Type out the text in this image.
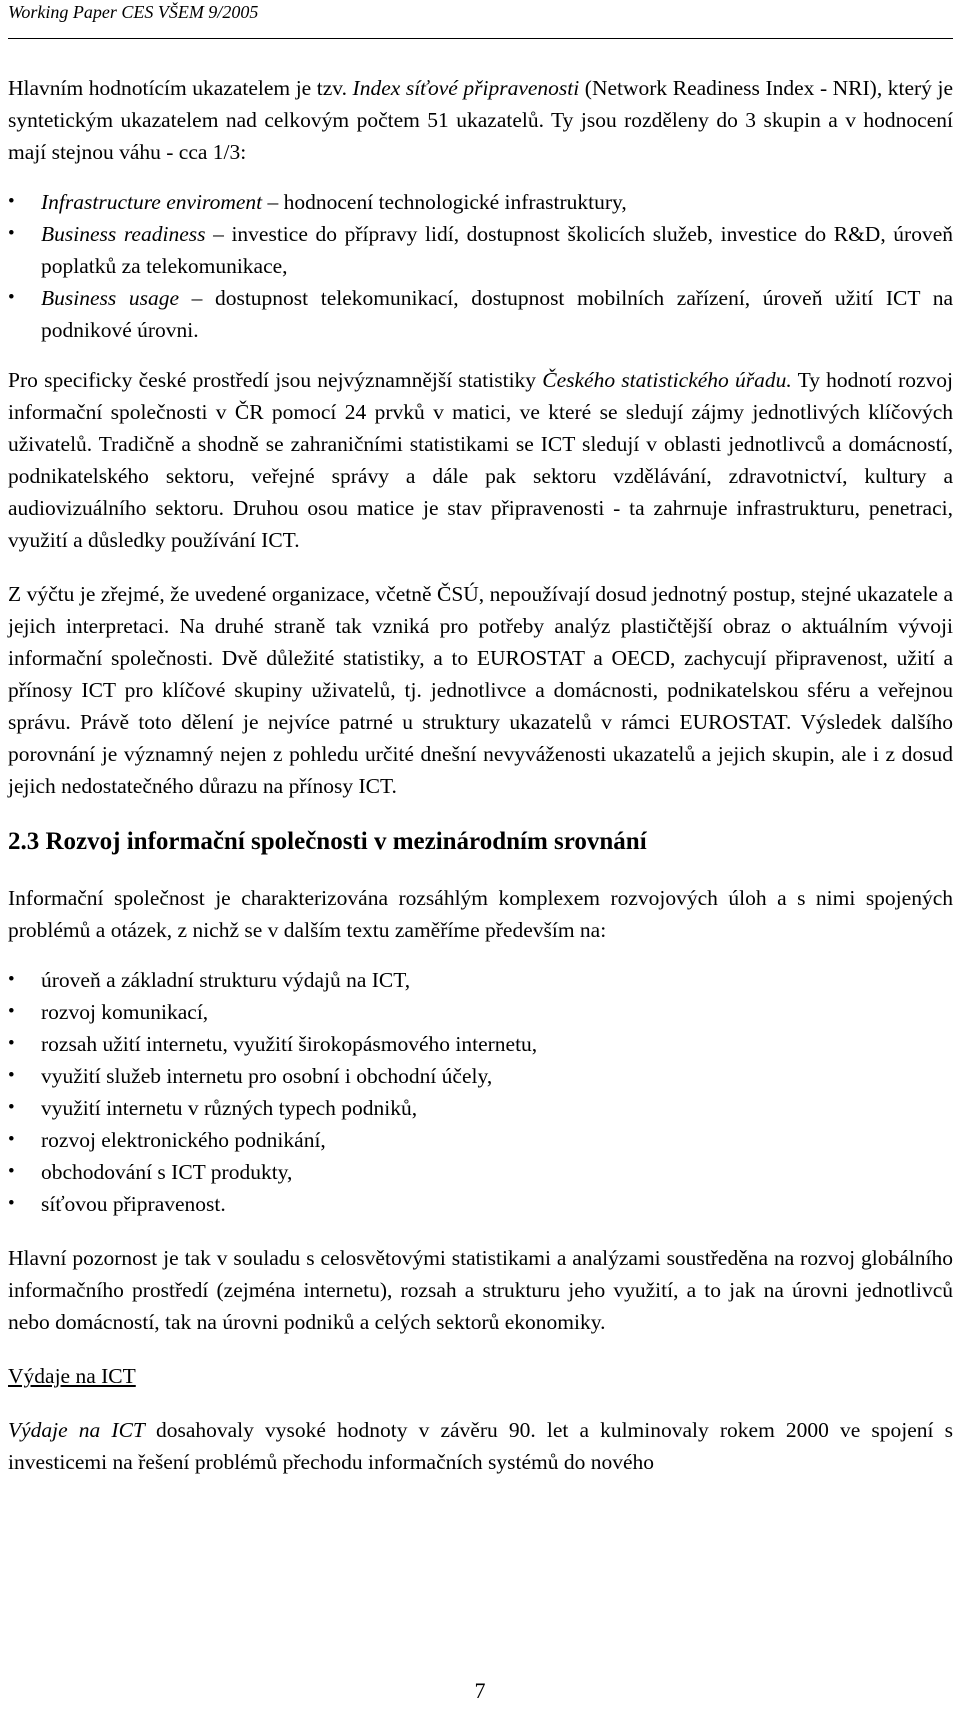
Working Paper CES VŠEM 9/2005

Hlavním hodnotícím ukazatelem je tzv. Index síťové připravenosti (Network Readiness Index - NRI), který je syntetickým ukazatelem nad celkovým počtem 51 ukazatelů. Ty jsou rozděleny do 3 skupin a v hodnocení mají stejnou váhu - cca 1/3:

• Infrastructure enviroment – hodnocení technologické infrastruktury,
• Business readiness – investice do přípravy lidí, dostupnost školicích služeb, investice do R&D, úroveň poplatků za telekomunikace,
• Business usage – dostupnost telekomunikací, dostupnost mobilních zařízení, úroveň užití ICT na podnikové úrovni.

Pro specificky české prostředí jsou nejvýznamnější statistiky Českého statistického úřadu. Ty hodnotí rozvoj informační společnosti v ČR pomocí 24 prvků v matici, ve které se sledují zájmy jednotlivých klíčových uživatelů. Tradičně a shodně se zahraničními statistikami se ICT sledují v oblasti jednotlivců a domácností, podnikatelského sektoru, veřejné správy a dále pak sektoru vzdělávání, zdravotnictví, kultury a audiovizuálního sektoru. Druhou osou matice je stav připravenosti - ta zahrnuje infrastrukturu, penetraci, využití a důsledky používání ICT.

Z výčtu je zřejmé, že uvedené organizace, včetně ČSÚ, nepoužívají dosud jednotný postup, stejné ukazatele a jejich interpretaci. Na druhé straně tak vzniká pro potřeby analýz plastičtější obraz o aktuálním vývoji informační společnosti. Dvě důležité statistiky, a to EUROSTAT a OECD, zachycují připravenost, užití a přínosy ICT pro klíčové skupiny uživatelů, tj. jednotlivce a domácnosti, podnikatelskou sféru a veřejnou správu. Právě toto dělení je nejvíce patrné u struktury ukazatelů v rámci EUROSTAT. Výsledek dalšího porovnání je významný nejen z pohledu určité dnešní nevyváženosti ukazatelů a jejich skupin, ale i z dosud jejich nedostatečného důrazu na přínosy ICT.

2.3 Rozvoj informační společnosti v mezinárodním srovnání

Informační společnost je charakterizována rozsáhlým komplexem rozvojových úloh a s nimi spojených problémů a otázek, z nichž se v dalším textu zaměříme především na:

• úroveň a základní strukturu výdajů na ICT,
• rozvoj komunikací,
• rozsah užití internetu, využití širokopásmového internetu,
• využití služeb internetu pro osobní i obchodní účely,
• využití internetu v různých typech podniků,
• rozvoj elektronického podnikání,
• obchodování s ICT produkty,
• síťovou připravenost.

Hlavní pozornost je tak v souladu s celosvětovými statistikami a analýzami soustředěna na rozvoj globálního informačního prostředí (zejména internetu), rozsah a strukturu jeho využití, a to jak na úrovni jednotlivců nebo domácností, tak na úrovni podniků a celých sektorů ekonomiky.

Výdaje na ICT

Výdaje na ICT dosahovaly vysoké hodnoty v závěru 90. let a kulminovaly rokem 2000 ve spojení s investicemi na řešení problémů přechodu informačních systémů do nového

7
